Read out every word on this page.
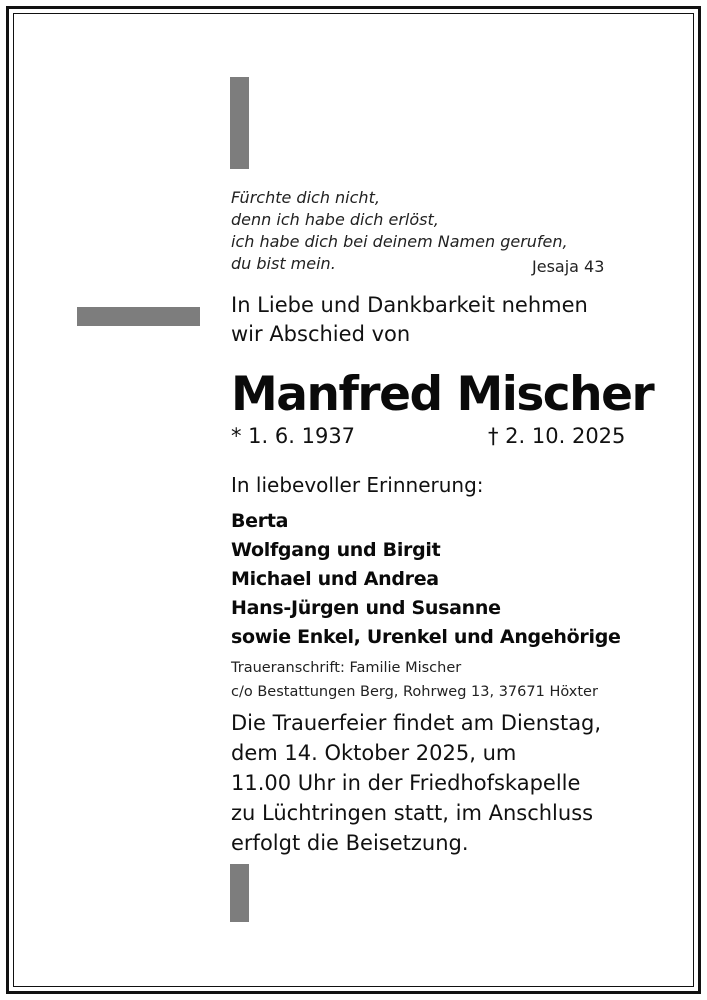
Fürchte dich nicht,
denn ich habe dich erlöst,
ich habe dich bei deinem Namen gerufen,
du bist mein.	Jesaja 43
In Liebe und Dankbarkeit nehmen
wir Abschied von
Manfred Mischer
* 1. 6. 1937	† 2. 10. 2025
In liebevoller Erinnerung:
Berta
Wolfgang und Birgit
Michael und Andrea
Hans-Jürgen und Susanne
sowie Enkel, Urenkel und Angehörige
Traueranschrift: Familie Mischer
c/o Bestattungen Berg, Rohrweg 13, 37671 Höxter
Die Trauerfeier findet am Dienstag,
dem 14. Oktober 2025, um
11.00 Uhr in der Friedhofskapelle
zu Lüchtringen statt, im Anschluss
erfolgt die Beisetzung.
